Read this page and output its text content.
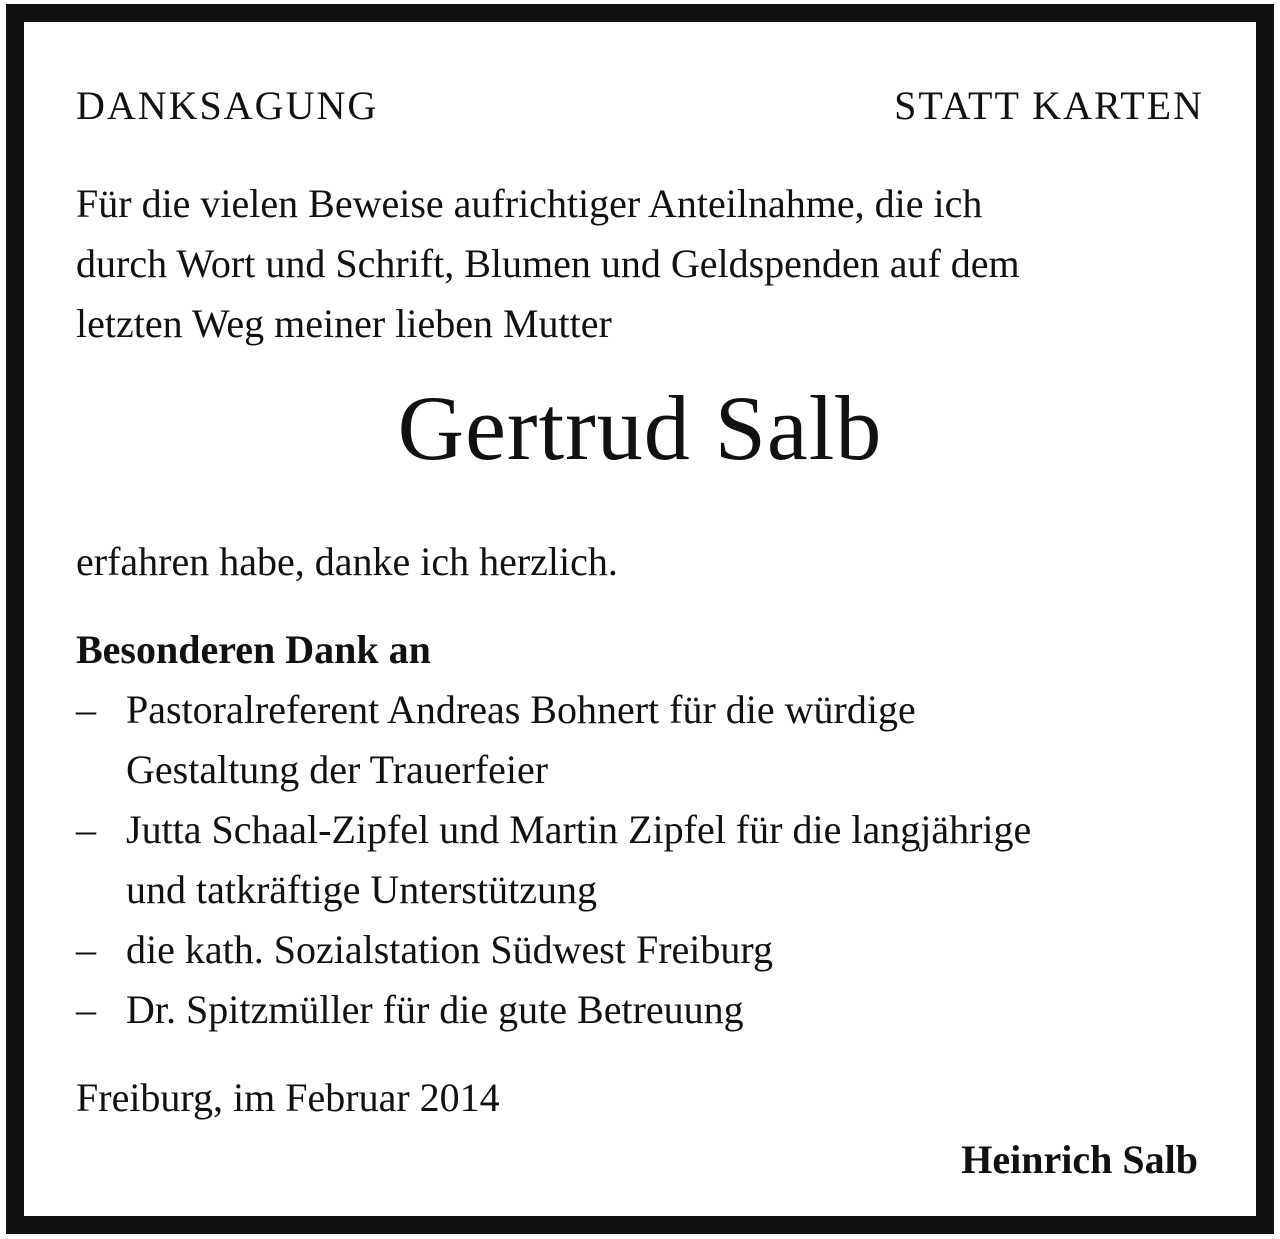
DANKSAGUNG	STATT KARTEN
Für die vielen Beweise aufrichtiger Anteilnahme, die ich
durch Wort und Schrift, Blumen und Geldspenden auf dem
letzten Weg meiner lieben Mutter
Gertrud Salb
erfahren habe, danke ich herzlich.
Besonderen Dank an
– Pastoralreferent Andreas Bohnert für die würdige
Gestaltung der Trauerfeier
– Jutta Schaal-Zipfel und Martin Zipfel für die langjährige
und tatkräftige Unterstützung
– die kath. Sozialstation Südwest Freiburg
– Dr. Spitzmüller für die gute Betreuung
Freiburg, im Februar 2014
Heinrich Salb
